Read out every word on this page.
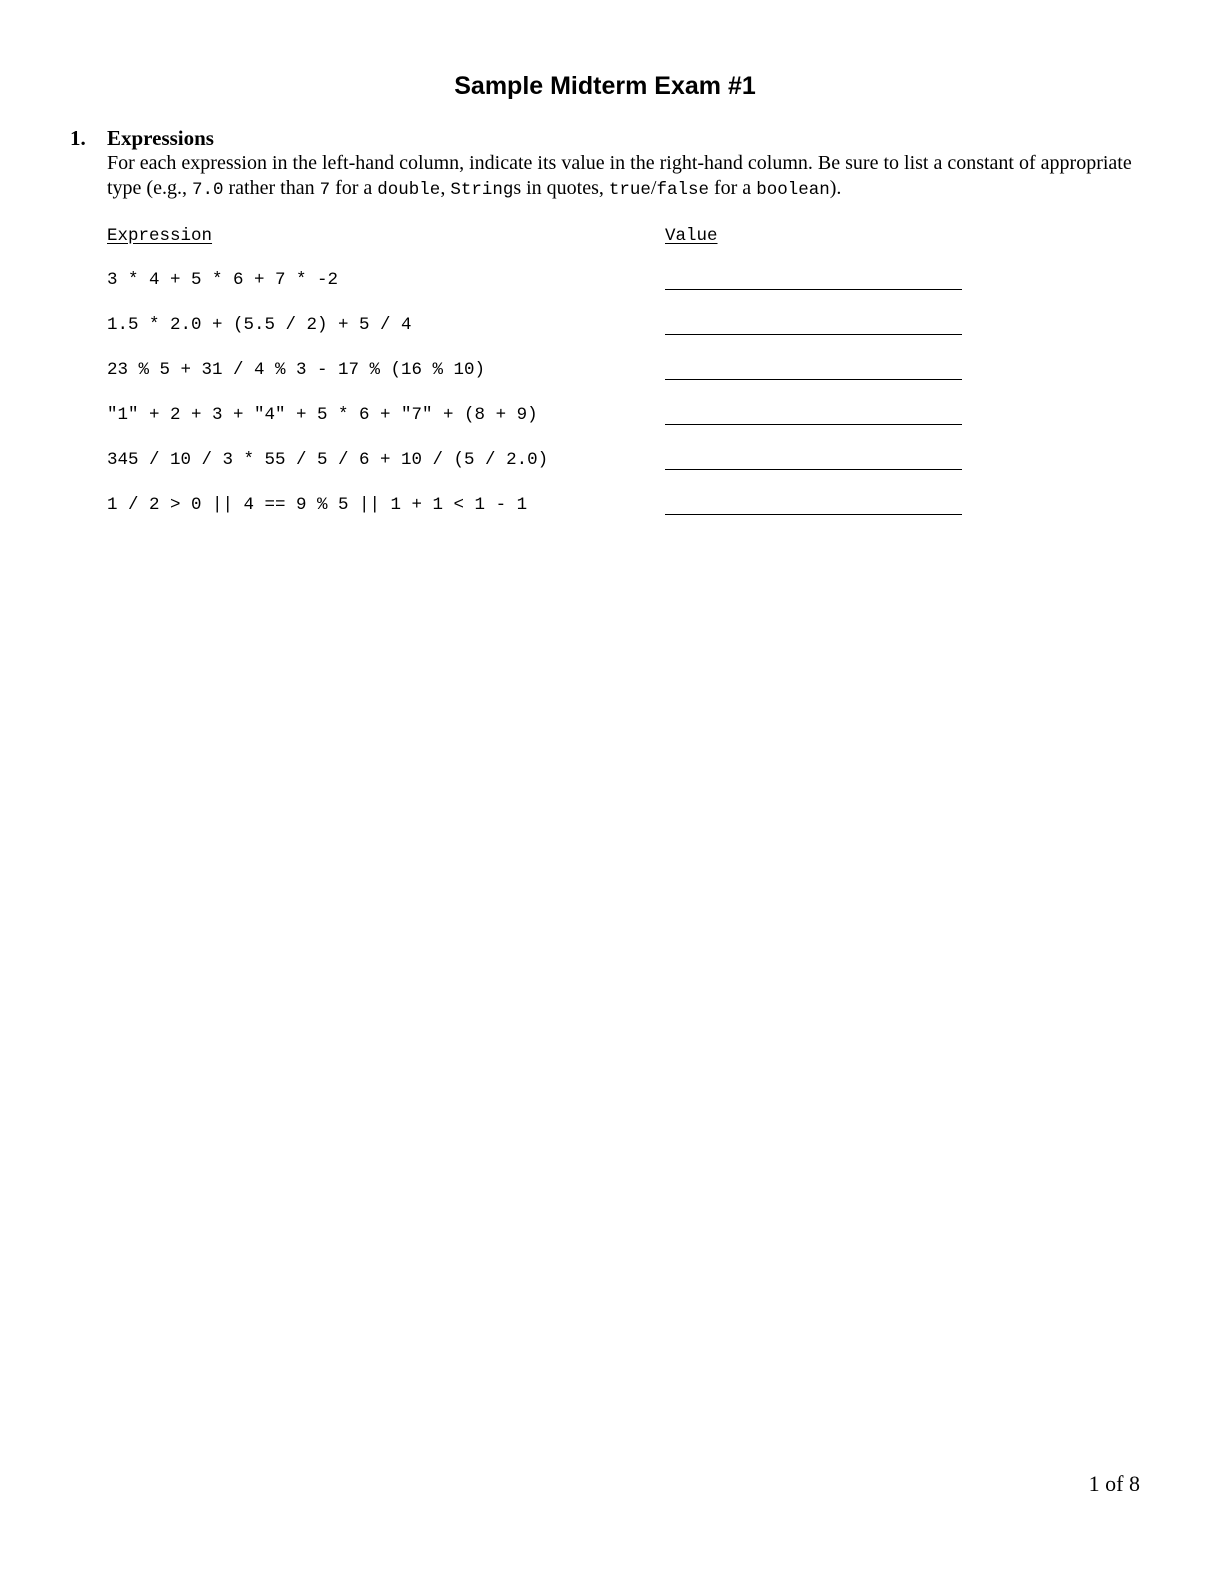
Sample Midterm Exam #1
1. Expressions
For each expression in the left-hand column, indicate its value in the right-hand column. Be sure to list a constant of appropriate type (e.g., 7.0 rather than 7 for a double, Strings in quotes, true/false for a boolean).
Expression	Value
3 * 4 + 5 * 6 + 7 * -2
1.5 * 2.0 + (5.5 / 2) + 5 / 4
23 % 5 + 31 / 4 % 3 - 17 % (16 % 10)
"1" + 2 + 3 + "4" + 5 * 6 + "7" + (8 + 9)
345 / 10 / 3 * 55 / 5 / 6 + 10 / (5 / 2.0)
1 / 2 > 0 || 4 == 9 % 5 || 1 + 1 < 1 - 1
1 of 8
